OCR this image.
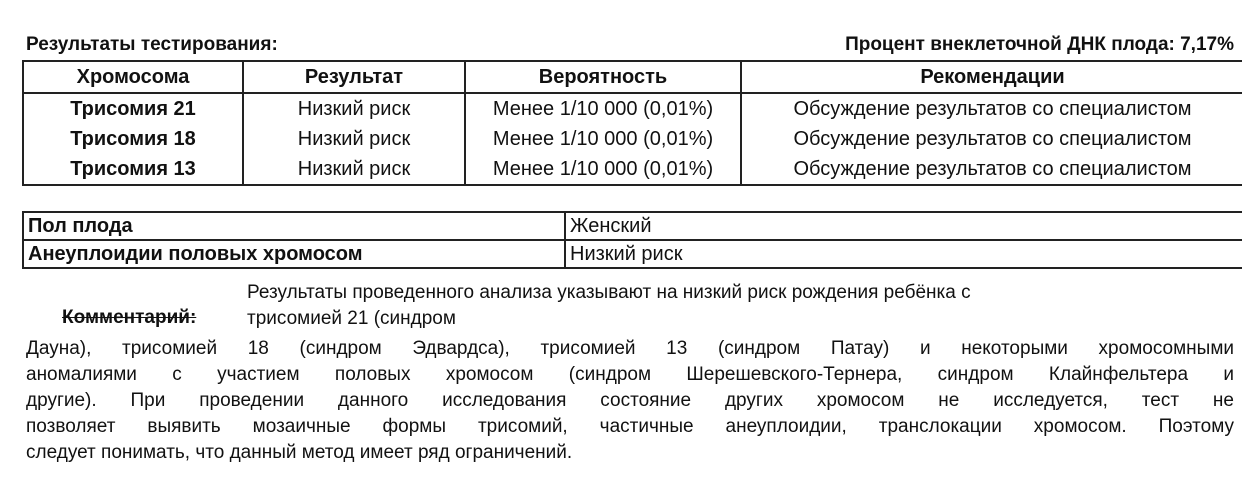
Результаты тестирования:	Процент внеклеточной ДНК плода: 7,17%
Хромосома	Результат	Вероятность	Рекомендации
Трисомия 21	Низкий риск	Менее 1/10 000 (0,01%)	Обсуждение результатов со специалистом
Трисомия 18	Низкий риск	Менее 1/10 000 (0,01%)	Обсуждение результатов со специалистом
Трисомия 13	Низкий риск	Менее 1/10 000 (0,01%)	Обсуждение результатов со специалистом
Пол плода	Женский
Анеуплоидии половых хромосом	Низкий риск
Комментарий:
Результаты проведенного анализа указывают на низкий риск рождения ребёнка с
трисомией 21 (синдром
Дауна), трисомией 18 (синдром Эдвардса), трисомией 13 (синдром Патау) и некоторыми хромосомными
аномалиями с участием половых хромосом (синдром Шерешевского-Тернера, синдром Клайнфельтера и
другие). При проведении данного исследования состояние других хромосом не исследуется, тест не
позволяет выявить мозаичные формы трисомий, частичные анеуплоидии, транслокации хромосом. Поэтому
следует понимать, что данный метод имеет ряд ограничений.
